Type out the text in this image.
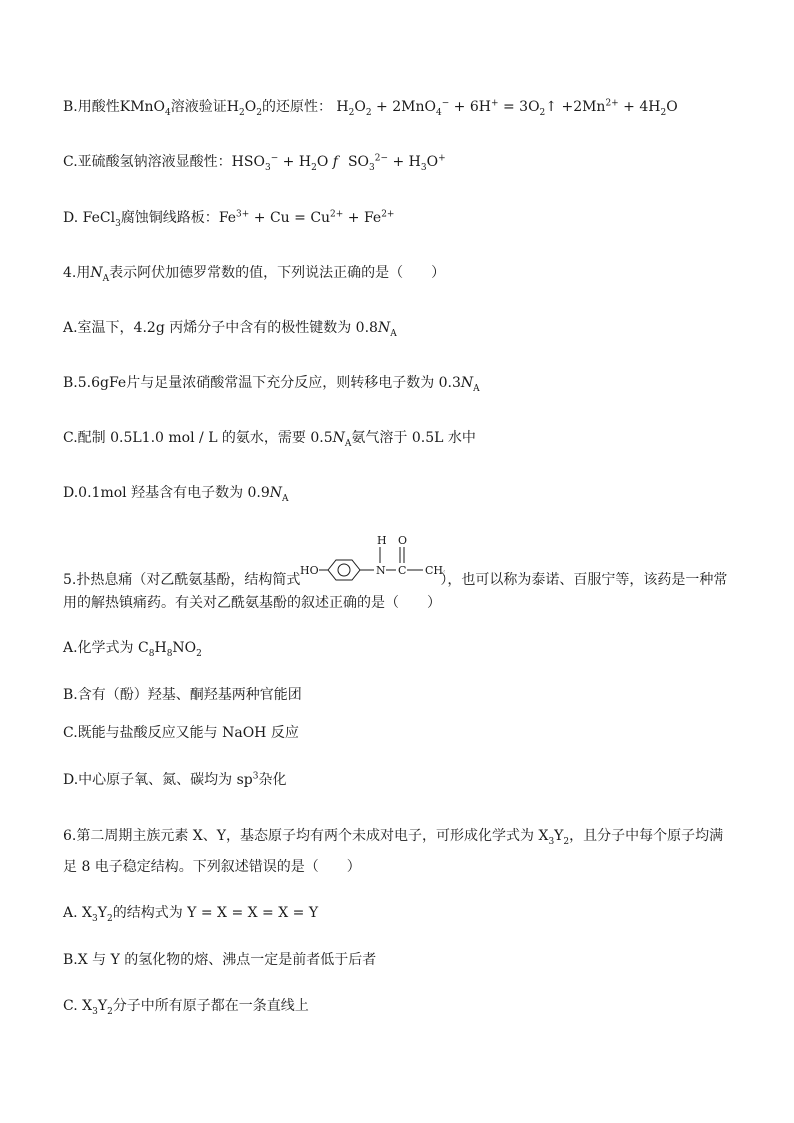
B.用酸性KMnO$_4$溶液验证$H_2O_2$的还原性： $H_2O_2 + 2MnO_4^- + 6H^+$ = $3O_2↑ +2Mn^{2+} + 4H_2O$
C.亚硫酸氢钠溶液显酸性：$HSO_3^- + H_2O$ f $SO_3^{2-} + H_3O^+$
D. FeCl$_3$腐蚀铜线路板：$Fe^{3+} + Cu = Cu^{2+} + Fe^{2+}$
4.用$N_A$表示阿伏加德罗常数的值，下列说法正确的是（　　）
A.室温下，4.2g 丙烯分子中含有的极性键数为 $0.8N_A$
B.5.6gFe片与足量浓硝酸常温下充分反应，则转移电子数为 $0.3N_A$
C.配制 0.5L1.0 mol / L 的氨水，需要 $0.5N_A$氨气溶于 0.5L 水中
D.0.1mol 羟基含有电子数为 $0.9N_A$
5.扑热息痛（对乙酰氨基酚，结构简式	），也可以称为泰诺、百服宁等，该药是一种常
用的解热镇痛药。有关对乙酰氨基酚的叙述正确的是（　　）
HO
H
N C
O
CH
A.化学式为 $C_8H_8NO_2$
B.含有（酚）羟基、酮羟基两种官能团
C.既能与盐酸反应又能与 NaOH 反应
D.中心原子氧、氮、碳均为 $sp^3$杂化
6.第二周期主族元素 X、Y，基态原子均有两个未成对电子，可形成化学式为 $X_3Y_2$，且分子中每个原子均满
足 8 电子稳定结构。下列叙述错误的是（　　）
A. $X_3Y_2$的结构式为 Y = X = X = X = Y
B.X 与 Y 的氢化物的熔、沸点一定是前者低于后者
C. $X_3Y_2$分子中所有原子都在一条直线上
